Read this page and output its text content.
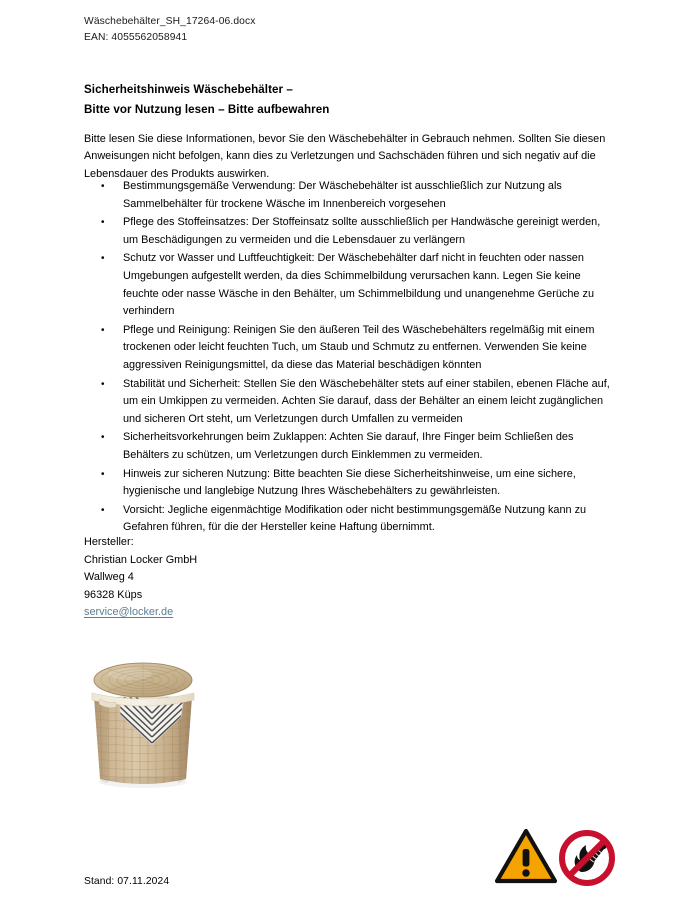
Wäschebehälter_SH_17264-06.docx
EAN: 4055562058941
Sicherheitshinweis Wäschebehälter –
Bitte vor Nutzung lesen – Bitte aufbewahren

Bitte lesen Sie diese Informationen, bevor Sie den Wäschebehälter in Gebrauch nehmen. Sollten Sie diesen Anweisungen nicht befolgen, kann dies zu Verletzungen und Sachschäden führen und sich negativ auf die Lebensdauer des Produkts auswirken.

• Bestimmungsgemäße Verwendung: Der Wäschebehälter ist ausschließlich zur Nutzung als Sammelbehälter für trockene Wäsche im Innenbereich vorgesehen
• Pflege des Stoffeinsatzes: Der Stoffeinsatz sollte ausschließlich per Handwäsche gereinigt werden, um Beschädigungen zu vermeiden und die Lebensdauer zu verlängern
• Schutz vor Wasser und Luftfeuchtigkeit: Der Wäschebehälter darf nicht in feuchten oder nassen Umgebungen aufgestellt werden, da dies Schimmelbildung verursachen kann. Legen Sie keine feuchte oder nasse Wäsche in den Behälter, um Schimmelbildung und unangenehme Gerüche zu verhindern
• Pflege und Reinigung: Reinigen Sie den äußeren Teil des Wäschebehälters regelmäßig mit einem trockenen oder leicht feuchten Tuch, um Staub und Schmutz zu entfernen. Verwenden Sie keine aggressiven Reinigungsmittel, da diese das Material beschädigen könnten
• Stabilität und Sicherheit: Stellen Sie den Wäschebehälter stets auf einer stabilen, ebenen Fläche auf, um ein Umkippen zu vermeiden. Achten Sie darauf, dass der Behälter an einem leicht zugänglichen und sicheren Ort steht, um Verletzungen durch Umfallen zu vermeiden
• Sicherheitsvorkehrungen beim Zuklappen: Achten Sie darauf, Ihre Finger beim Schließen des Behälters zu schützen, um Verletzungen durch Einklemmen zu vermeiden.
• Hinweis zur sicheren Nutzung: Bitte beachten Sie diese Sicherheitshinweise, um eine sichere, hygienische und langlebige Nutzung Ihres Wäschebehälters zu gewährleisten.
• Vorsicht: Jegliche eigenmächtige Modifikation oder nicht bestimmungsgemäße Nutzung kann zu Gefahren führen, für die der Hersteller keine Haftung übernimmt.
Hersteller:
Christian Locker GmbH
Wallweg 4
96328 Küps
service@locker.de
Stand: 07.11.2024
